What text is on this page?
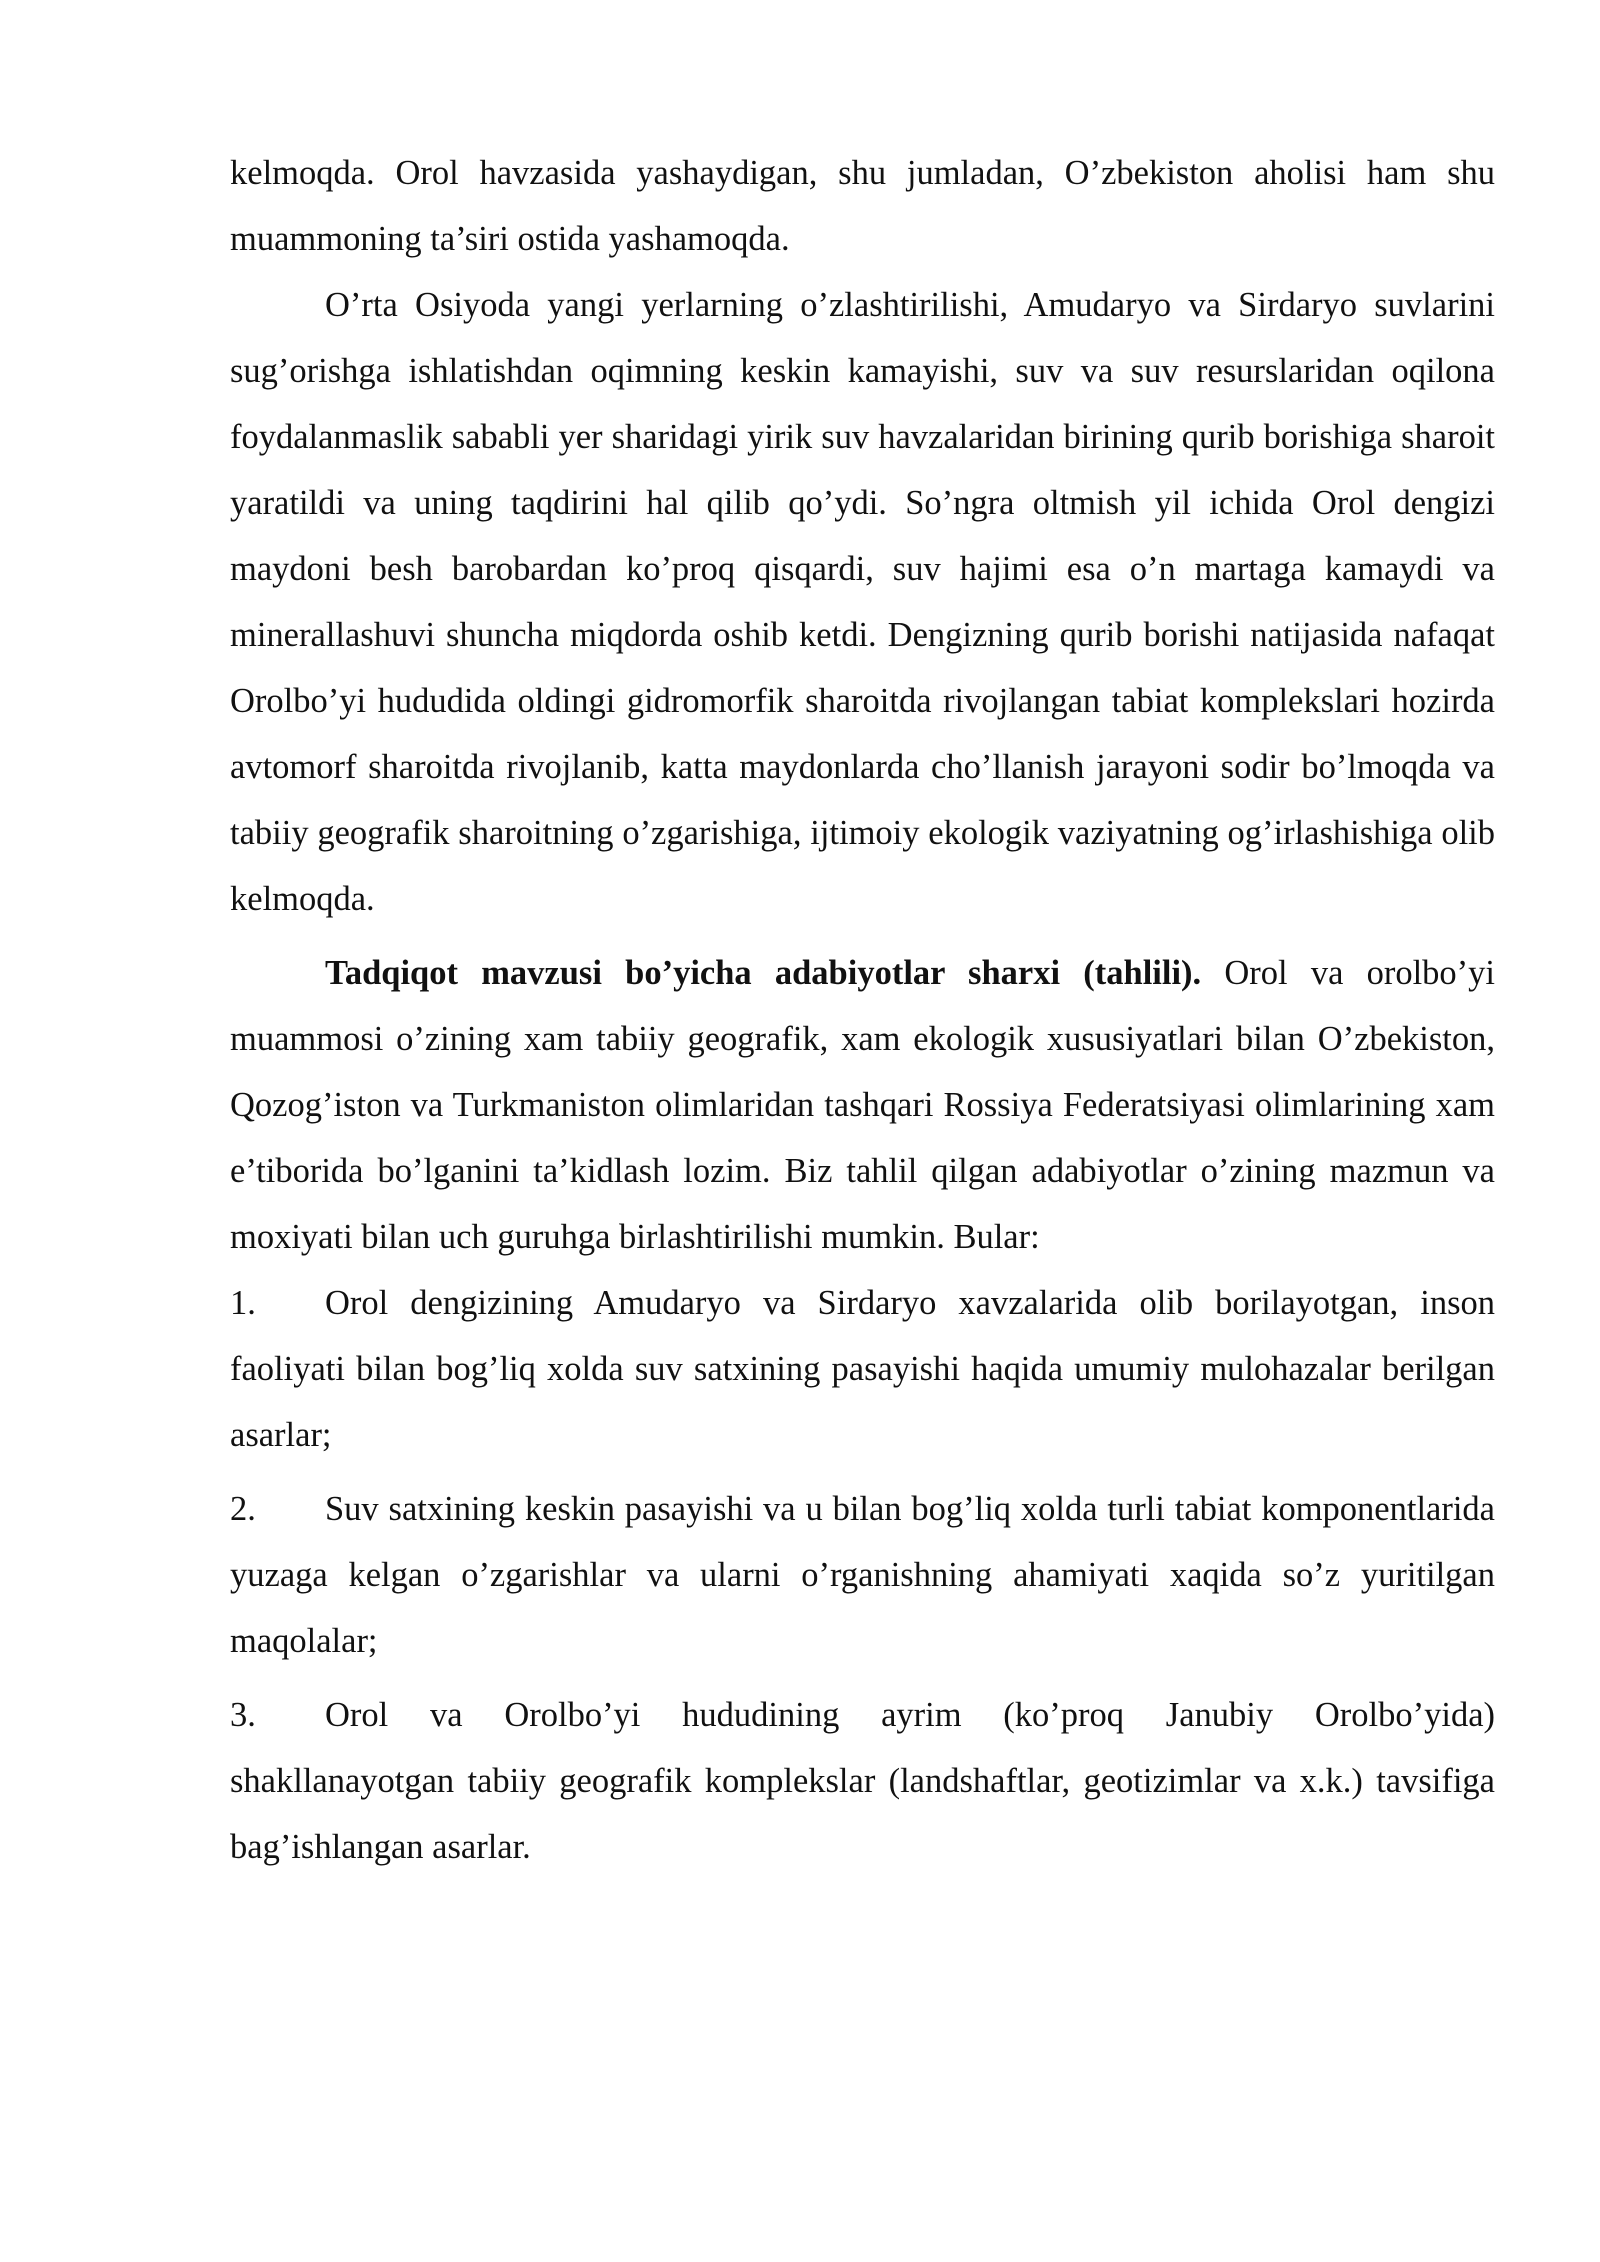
kelmoqda. Orol havzasida yashaydigan, shu jumladan, O’zbekiston aholisi ham shu muammoning ta’siri ostida yashamoqda.

O’rta Osiyoda yangi yerlarning o’zlashtirilishi, Amudaryo va Sirdaryo suvlarini sug’orishga ishlatishdan oqimning keskin kamayishi, suv va suv resurslaridan oqilona foydalanmaslik sababli yer sharidagi yirik suv havzalaridan birining qurib borishiga sharoit yaratildi va uning taqdirini hal qilib qo’ydi. So’ngra oltmish yil ichida Orol dengizi maydoni besh barobardan ko’proq qisqardi, suv hajimi esa o’n martaga kamaydi va minerallashuvi shuncha miqdorda oshib ketdi. Dengizning qurib borishi natijasida nafaqat Orolbo’yi hududida oldingi gidromorfik sharoitda rivojlangan tabiat komplekslari hozirda avtomorf sharoitda rivojlanib, katta maydonlarda cho’llanish jarayoni sodir bo’lmoqda va tabiiy geografik sharoitning o’zgarishiga, ijtimoiy ekologik vaziyatning og’irlashishiga olib kelmoqda.

Tadqiqot mavzusi bo’yicha adabiyotlar sharxi (tahlili). Orol va orolbo’yi muammosi o’zining xam tabiiy geografik, xam ekologik xususiyatlari bilan O’zbekiston, Qozog’iston va Turkmaniston olimlaridan tashqari Rossiya Federatsiyasi olimlarining xam e’tiborida bo’lganini ta’kidlash lozim. Biz tahlil qilgan adabiyotlar o’zining mazmun va moxiyati bilan uch guruhga birlashtirilishi mumkin. Bular:

1. Orol dengizining Amudaryo va Sirdaryo xavzalarida olib borilayotgan, inson faoliyati bilan bog’liq xolda suv satxining pasayishi haqida umumiy mulohazalar berilgan asarlar;

2. Suv satxining keskin pasayishi va u bilan bog’liq xolda turli tabiat komponentlarida yuzaga kelgan o’zgarishlar va ularni o’rganishning ahamiyati xaqida so’z yuritilgan maqolalar;

3. Orol va Orolbo’yi hududining ayrim (ko’proq Janubiy Orolbo’yida) shakllanayotgan tabiiy geografik komplekslar (landshaftlar, geotizimlar va x.k.) tavsifiga bag’ishlangan asarlar.
